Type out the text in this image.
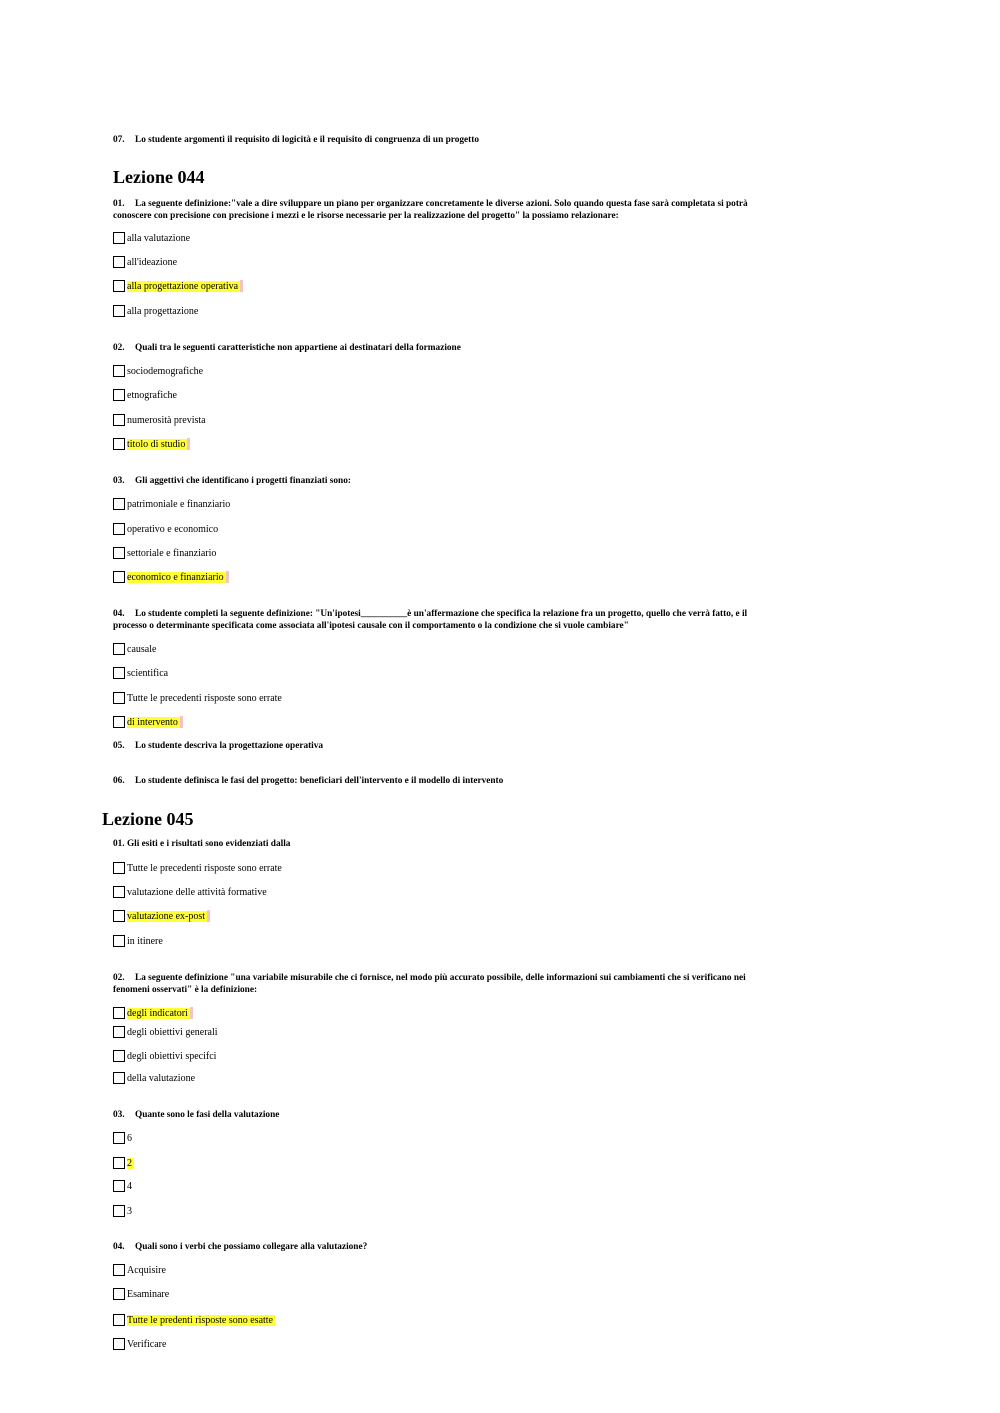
07. Lo studente argomenti il requisito di logicità e il requisito di congruenza di un progetto
Lezione 044
01. La seguente definizione:"vale a dire sviluppare un piano per organizzare concretamente le diverse azioni. Solo quando questa fase sarà completata si potrà
conoscere con precisione con precisione i mezzi e le risorse necessarie per la realizzazione del progetto" la possiamo relazionare:
alla valutazione
all'ideazione
alla progettazione operativa
alla progettazione
02. Quali tra le seguenti caratteristiche non appartiene ai destinatari della formazione
sociodemografiche
etnografiche
numerosità prevista
titolo di studio
03. Gli aggettivi che identificano i progetti finanziati sono:
patrimoniale e finanziario
operativo e economico
settoriale e finanziario
economico e finanziario
04. Lo studente completi la seguente definizione: "Un'ipotesi__________è un'affermazione che specifica la relazione fra un progetto, quello che verrà fatto, e il
processo o determinante specificata come associata all'ipotesi causale con il comportamento o la condizione che si vuole cambiare"
causale
scientifica
Tutte le precedenti risposte sono errate
di intervento
05. Lo studente descriva la progettazione operativa
06. Lo studente definisca le fasi del progetto: beneficiari dell'intervento e il modello di intervento
Lezione 045
01. Gli esiti e i risultati sono evidenziati dalla
Tutte le precedenti risposte sono errate
valutazione delle attività formative
valutazione ex-post
in itinere
02. La seguente definizione "una variabile misurabile che ci fornisce, nel modo più accurato possibile, delle informazioni sui cambiamenti che si verificano nei
fenomeni osservati" è la definizione:
degli indicatori
degli obiettivi generali
degli obiettivi specifci
della valutazione
03. Quante sono le fasi della valutazione
6
2
4
3
04. Quali sono i verbi che possiamo collegare alla valutazione?
Acquisire
Esaminare
Tutte le predenti risposte sono esatte
Verificare
